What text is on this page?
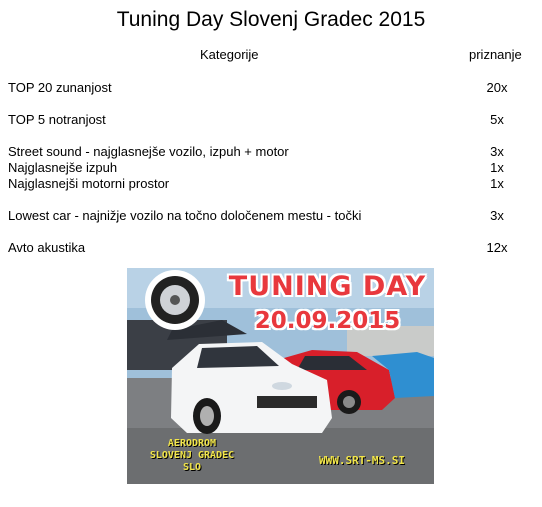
Tuning Day Slovenj Gradec 2015
Kategorije	priznanje
TOP 20 zunanjost	20x
TOP 5 notranjost	5x
Street sound - najglasnejše vozilo, izpuh + motor	3x
Najglasnejše izpuh	1x
Najglasnejši motorni prostor	1x
Lowest car - najnižje vozilo na točno določenem mestu - točki	3x
Avto akustika	12x
TUNING DAY
20.09.2015
AERODROM
SLOVENJ GRADEC
SLO
WWW.SRT-MS.SI
